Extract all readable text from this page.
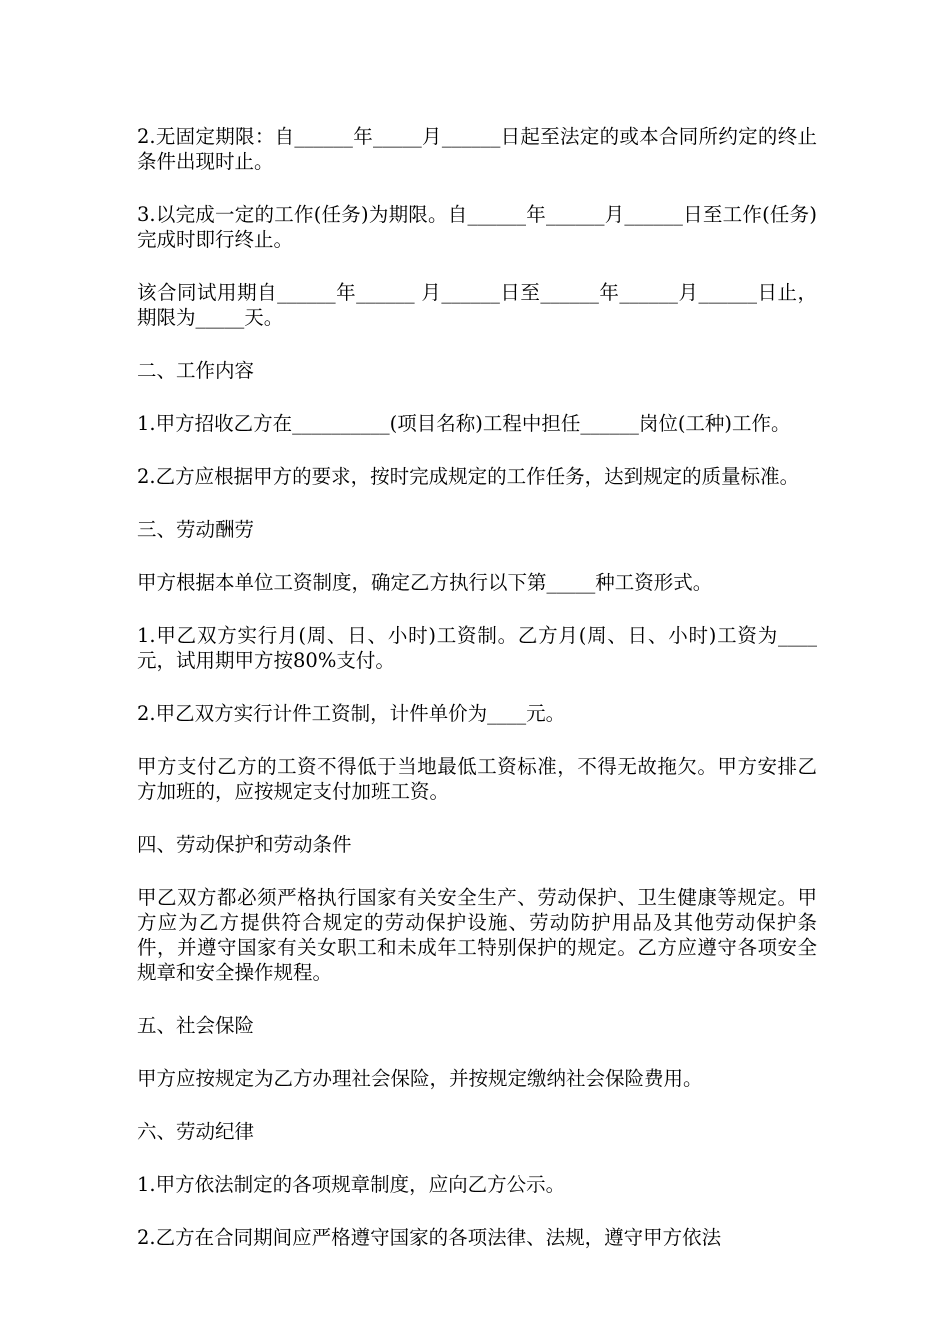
2.无固定期限：自______年_____月______日起至法定的或本合同所约定的终止条件出现时止。

3.以完成一定的工作(任务)为期限。自______年______月______日至工作(任务)完成时即行终止。

该合同试用期自______年______ 月______日至______年______月______日止，期限为_____天。

二、工作内容

1.甲方招收乙方在__________(项目名称)工程中担任______岗位(工种)工作。

2.乙方应根据甲方的要求，按时完成规定的工作任务，达到规定的质量标准。

三、劳动酬劳

甲方根据本单位工资制度，确定乙方执行以下第_____种工资形式。

1.甲乙双方实行月(周、日、小时)工资制。乙方月(周、日、小时)工资为____元，试用期甲方按80%支付。

2.甲乙双方实行计件工资制，计件单价为____元。

甲方支付乙方的工资不得低于当地最低工资标准，不得无故拖欠。甲方安排乙方加班的，应按规定支付加班工资。

四、劳动保护和劳动条件

甲乙双方都必须严格执行国家有关安全生产、劳动保护、卫生健康等规定。甲方应为乙方提供符合规定的劳动保护设施、劳动防护用品及其他劳动保护条件，并遵守国家有关女职工和未成年工特别保护的规定。乙方应遵守各项安全规章和安全操作规程。

五、社会保险

甲方应按规定为乙方办理社会保险，并按规定缴纳社会保险费用。

六、劳动纪律

1.甲方依法制定的各项规章制度，应向乙方公示。

2.乙方在合同期间应严格遵守国家的各项法律、法规，遵守甲方依法
